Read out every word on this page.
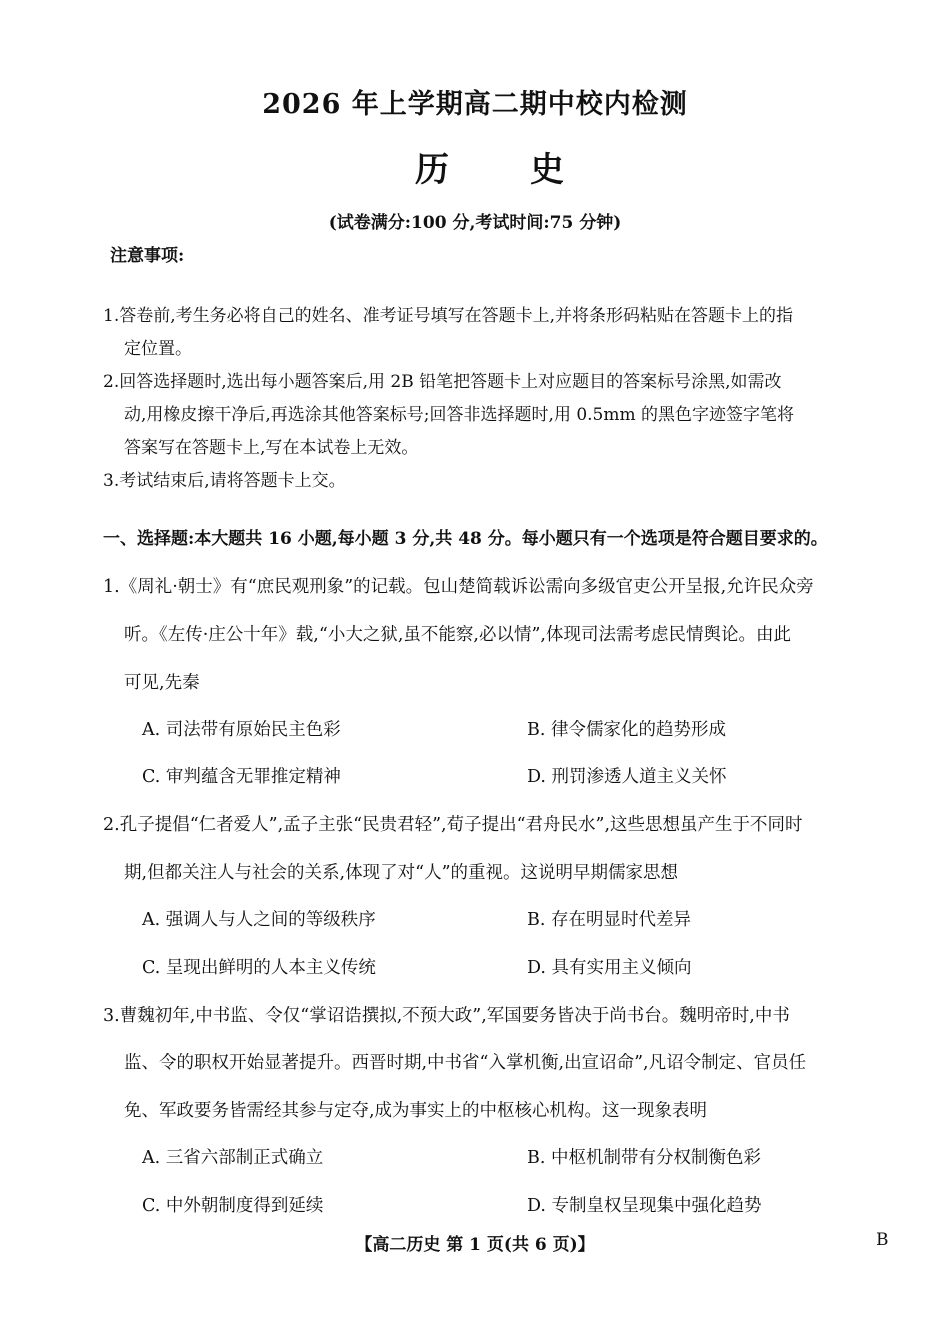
2026 年上学期高二期中校内检测
历 史
(试卷满分:100 分,考试时间:75 分钟)
注意事项:
1.答卷前,考生务必将自己的姓名、准考证号填写在答题卡上,并将条形码粘贴在答题卡上的指
定位置。
2.回答选择题时,选出每小题答案后,用 2B 铅笔把答题卡上对应题目的答案标号涂黑,如需改
动,用橡皮擦干净后,再选涂其他答案标号;回答非选择题时,用 0.5mm 的黑色字迹签字笔将
答案写在答题卡上,写在本试卷上无效。
3.考试结束后,请将答题卡上交。
一、选择题:本大题共 16 小题,每小题 3 分,共 48 分。每小题只有一个选项是符合题目要求的。
1.《周礼·朝士》有“庶民观刑象”的记载。包山楚简载诉讼需向多级官吏公开呈报,允许民众旁
听。《左传·庄公十年》载,“小大之狱,虽不能察,必以情”,体现司法需考虑民情舆论。由此
可见,先秦
A. 司法带有原始民主色彩	B. 律令儒家化的趋势形成
C. 审判蕴含无罪推定精神	D. 刑罚渗透人道主义关怀
2.孔子提倡“仁者爱人”,孟子主张“民贵君轻”,荀子提出“君舟民水”,这些思想虽产生于不同时
期,但都关注人与社会的关系,体现了对“人”的重视。这说明早期儒家思想
A. 强调人与人之间的等级秩序	B. 存在明显时代差异
C. 呈现出鲜明的人本主义传统	D. 具有实用主义倾向
3.曹魏初年,中书监、令仅“掌诏诰撰拟,不预大政”,军国要务皆决于尚书台。魏明帝时,中书
监、令的职权开始显著提升。西晋时期,中书省“入掌机衡,出宣诏命”,凡诏令制定、官员任
免、军政要务皆需经其参与定夺,成为事实上的中枢核心机构。这一现象表明
A. 三省六部制正式确立	B. 中枢机制带有分权制衡色彩
C. 中外朝制度得到延续	D. 专制皇权呈现集中强化趋势
【高二历史 第 1 页(共 6 页)】	B
